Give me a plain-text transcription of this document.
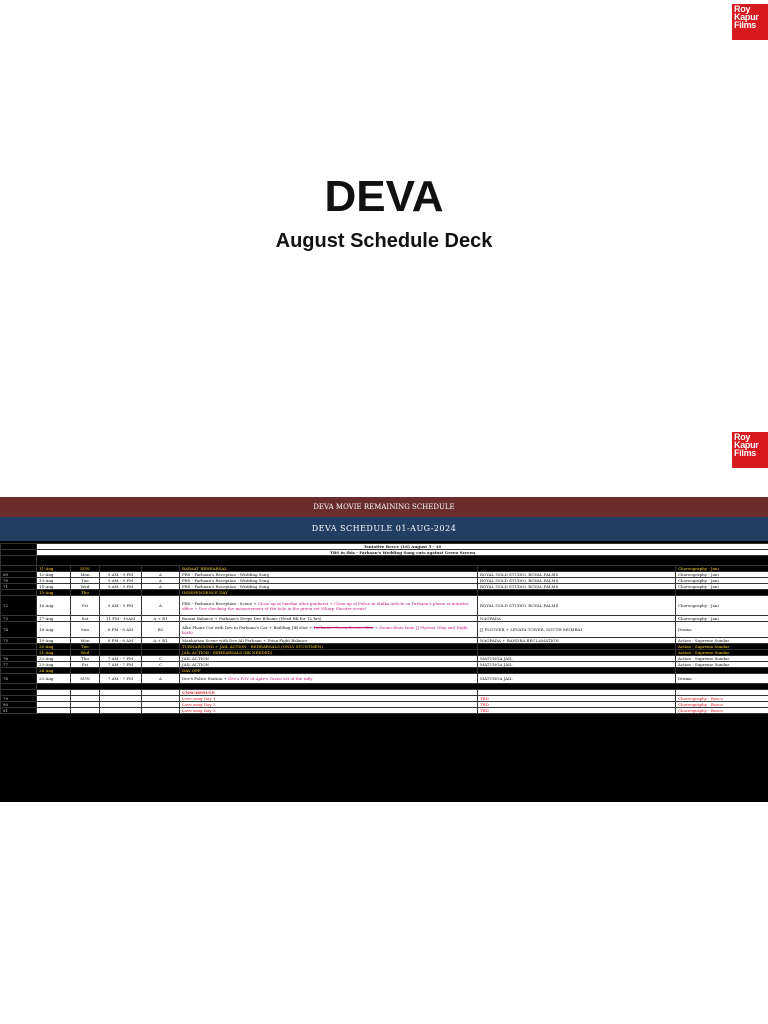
Roy
Kapur
Films
DEVA
August Schedule Deck
Roy
Kapur
Films
DEVA MOVIE REMAINING SCHEDULE
DEVA SCHEDULE 01-AUG-2024
	Tentative Recce (LS) August 5 - 10						
	TBS in this - Farhaan's Wedding Song cuts against Green Screen						

	11-Aug	SUN			BARAAT REHEARSAL		Choreography - Jani
69	12-Aug	Mon	9 AM - 9 PM	A	FBS - Farhaan's Reception - Wedding Song	ROYAL GOLD STUDIO, ROYAL PALMS	Choreography - Jani
70	13-Aug	Tue	9 AM - 9 PM	A	FBS - Farhaan's Reception - Wedding Song	ROYAL GOLD STUDIO, ROYAL PALMS	Choreography - Jani
71	14-Aug	Wed	9 AM - 9 PM	A	FBS - Farhaan's Reception - Wedding Song	ROYAL GOLD STUDIO, ROYAL PALMS	Choreography - Jani
	15-Aug	Thu			INDEPENDENCE DAY		
72	16-Aug	Fri	9 AM - 9 PM	A	FBS - Farhaan's Reception - Scene + Close up of Santhai after gunburst + Close up of Police in Malka Article on Farhaan's phone at minister office + Dev checking the measurement of the hole in the green set (Sharp Shooter scene)	ROYAL GOLD STUDIO, ROYAL PALMS	Choreography - Jani
73	17-Aug	Sat	11 PM - 10AM	A + B1	Baraat Balance + Farhaan's Drops Dev B'home (Need BK for 12 hrs)	NAGPADA	Choreography - Jani
74	18-Aug	Sun	6 PM - 6 AM	B1	Alka Phone Cut with Dev in Farhaan's Car + Building JIB shot + Farhaan's Green Screen Shot + Drone shots from JJ Flyover (Day and Night both)	JJ FLYOVER + LEVATA TOWER, SOUTH MUMBAI	Drama
75	19-Aug	Mon	6 PM - 6 AM	A + B1	Manhattan Scene with Dev Ali Farhaan + Prisa Fight Balance	NAGPADA + BANDRA RECLAMATION	Action - Supreme Sundar
	20-Aug	Tue			TURNAROUND + JAIL ACTION - REHEARSALS (ONLY STUNTMEN)		Action - Supreme Sundar
	21-Aug	Wed			JAIL ACTION - REHEARSALS (BK NEEDED)		Action - Supreme Sundar
76	22-Aug	Thu	7 AM - 7 PM	C	JAIL ACTION	MATUNGA JAIL	Action - Supreme Sundar
77	23-Aug	Fri	7 AM - 7 PM	C	JAIL ACTION	MATUNGA JAIL	Action - Supreme Sundar
	24-Aug				DAY OFF		
78	25-Aug	SUN	7 AM - 7 PM	A	Dev's Police Station + Dev's POV of Apte's Green set of the rally	MATUNGA JAIL	Drama

					UNSCHEDULE		
79					Love song Day 1	TBD	Choreography - Bosco
80					Love song Day 2	TBD	Choreography - Bosco
81					Love song Day 3	TBD	Choreography - Bosco
